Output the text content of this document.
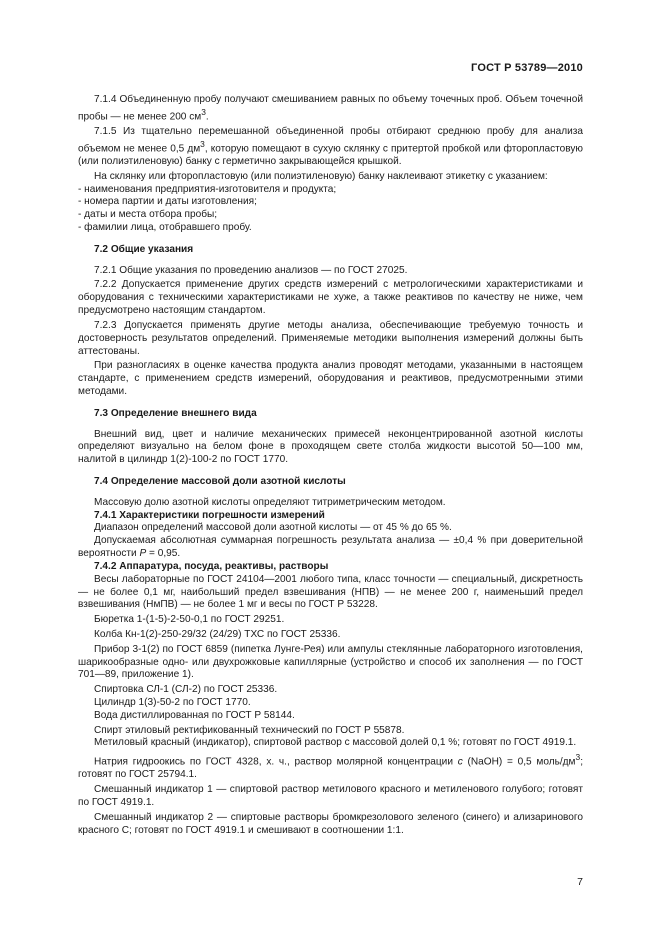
ГОСТ Р 53789—2010

7.1.4 Объединенную пробу получают смешиванием равных по объему точечных проб. Объем точечной пробы — не менее 200 $см^3$.

7.1.5 Из тщательно перемешанной объединенной пробы отбирают среднюю пробу для анализа объемом не менее 0,5 $дм^3$, которую помещают в сухую склянку с притертой пробкой или фторопластовую (или полиэтиленовую) банку с герметично закрывающейся крышкой.

На склянку или фторопластовую (или полиэтиленовую) банку наклеивают этикетку с указанием:

- наименования предприятия-изготовителя и продукта;

- номера партии и даты изготовления;

- даты и места отбора пробы;

- фамилии лица, отобравшего пробу.

7.2 Общие указания

7.2.1 Общие указания по проведению анализов — по ГОСТ 27025.

7.2.2 Допускается применение других средств измерений с метрологическими характеристиками и оборудования с техническими характеристиками не хуже, а также реактивов по качеству не ниже, чем предусмотрено настоящим стандартом.

7.2.3 Допускается применять другие методы анализа, обеспечивающие требуемую точность и достоверность результатов определений. Применяемые методики выполнения измерений должны быть аттестованы.

При разногласиях в оценке качества продукта анализ проводят методами, указанными в настоящем стандарте, с применением средств измерений, оборудования и реактивов, предусмотренными этими методами.

7.3 Определение внешнего вида

Внешний вид, цвет и наличие механических примесей неконцентрированной азотной кислоты определяют визуально на белом фоне в проходящем свете столба жидкости высотой 50—100 мм, налитой в цилиндр 1(2)-100-2 по ГОСТ 1770.

7.4 Определение массовой доли азотной кислоты

Массовую долю азотной кислоты определяют титриметрическим методом.

7.4.1 Характеристики погрешности измерений

Диапазон определений массовой доли азотной кислоты — от 45 % до 65 %.

Допускаемая абсолютная суммарная погрешность результата анализа — ±0,4 % при доверительной вероятности P = 0,95.

7.4.2 Аппаратура, посуда, реактивы, растворы

Весы лабораторные по ГОСТ 24104—2001 любого типа, класс точности — специальный, дискретность — не более 0,1 мг, наибольший предел взвешивания (НПВ) — не менее 200 г, наименьший предел взвешивания (НмПВ) — не более 1 мг и весы по ГОСТ Р 53228.

Бюретка 1-(1-5)-2-50-0,1 по ГОСТ 29251.

Колба Кн-1(2)-250-29/32 (24/29) ТХС по ГОСТ 25336.

Прибор 3-1(2) по ГОСТ 6859 (пипетка Лунге-Рея) или ампулы стеклянные лабораторного изготовления, шарикообразные одно- или двухрожковые капиллярные (устройство и способ их заполнения — по ГОСТ 701—89, приложение 1).

Спиртовка СЛ-1 (СЛ-2) по ГОСТ 25336.

Цилиндр 1(3)-50-2 по ГОСТ 1770.

Вода дистиллированная по ГОСТ Р 58144.

Спирт этиловый ректификованный технический по ГОСТ Р 55878.

Метиловый красный (индикатор), спиртовой раствор с массовой долей 0,1 %; готовят по ГОСТ 4919.1.

Натрия гидроокись по ГОСТ 4328, х. ч., раствор молярной концентрации c (NaOH) = 0,5 моль/$дм^3$; готовят по ГОСТ 25794.1.

Смешанный индикатор 1 — спиртовой раствор метилового красного и метиленового голубого; готовят по ГОСТ 4919.1.

Смешанный индикатор 2 — спиртовые растворы бромкрезолового зеленого (синего) и ализаринового красного С; готовят по ГОСТ 4919.1 и смешивают в соотношении 1:1.

7
